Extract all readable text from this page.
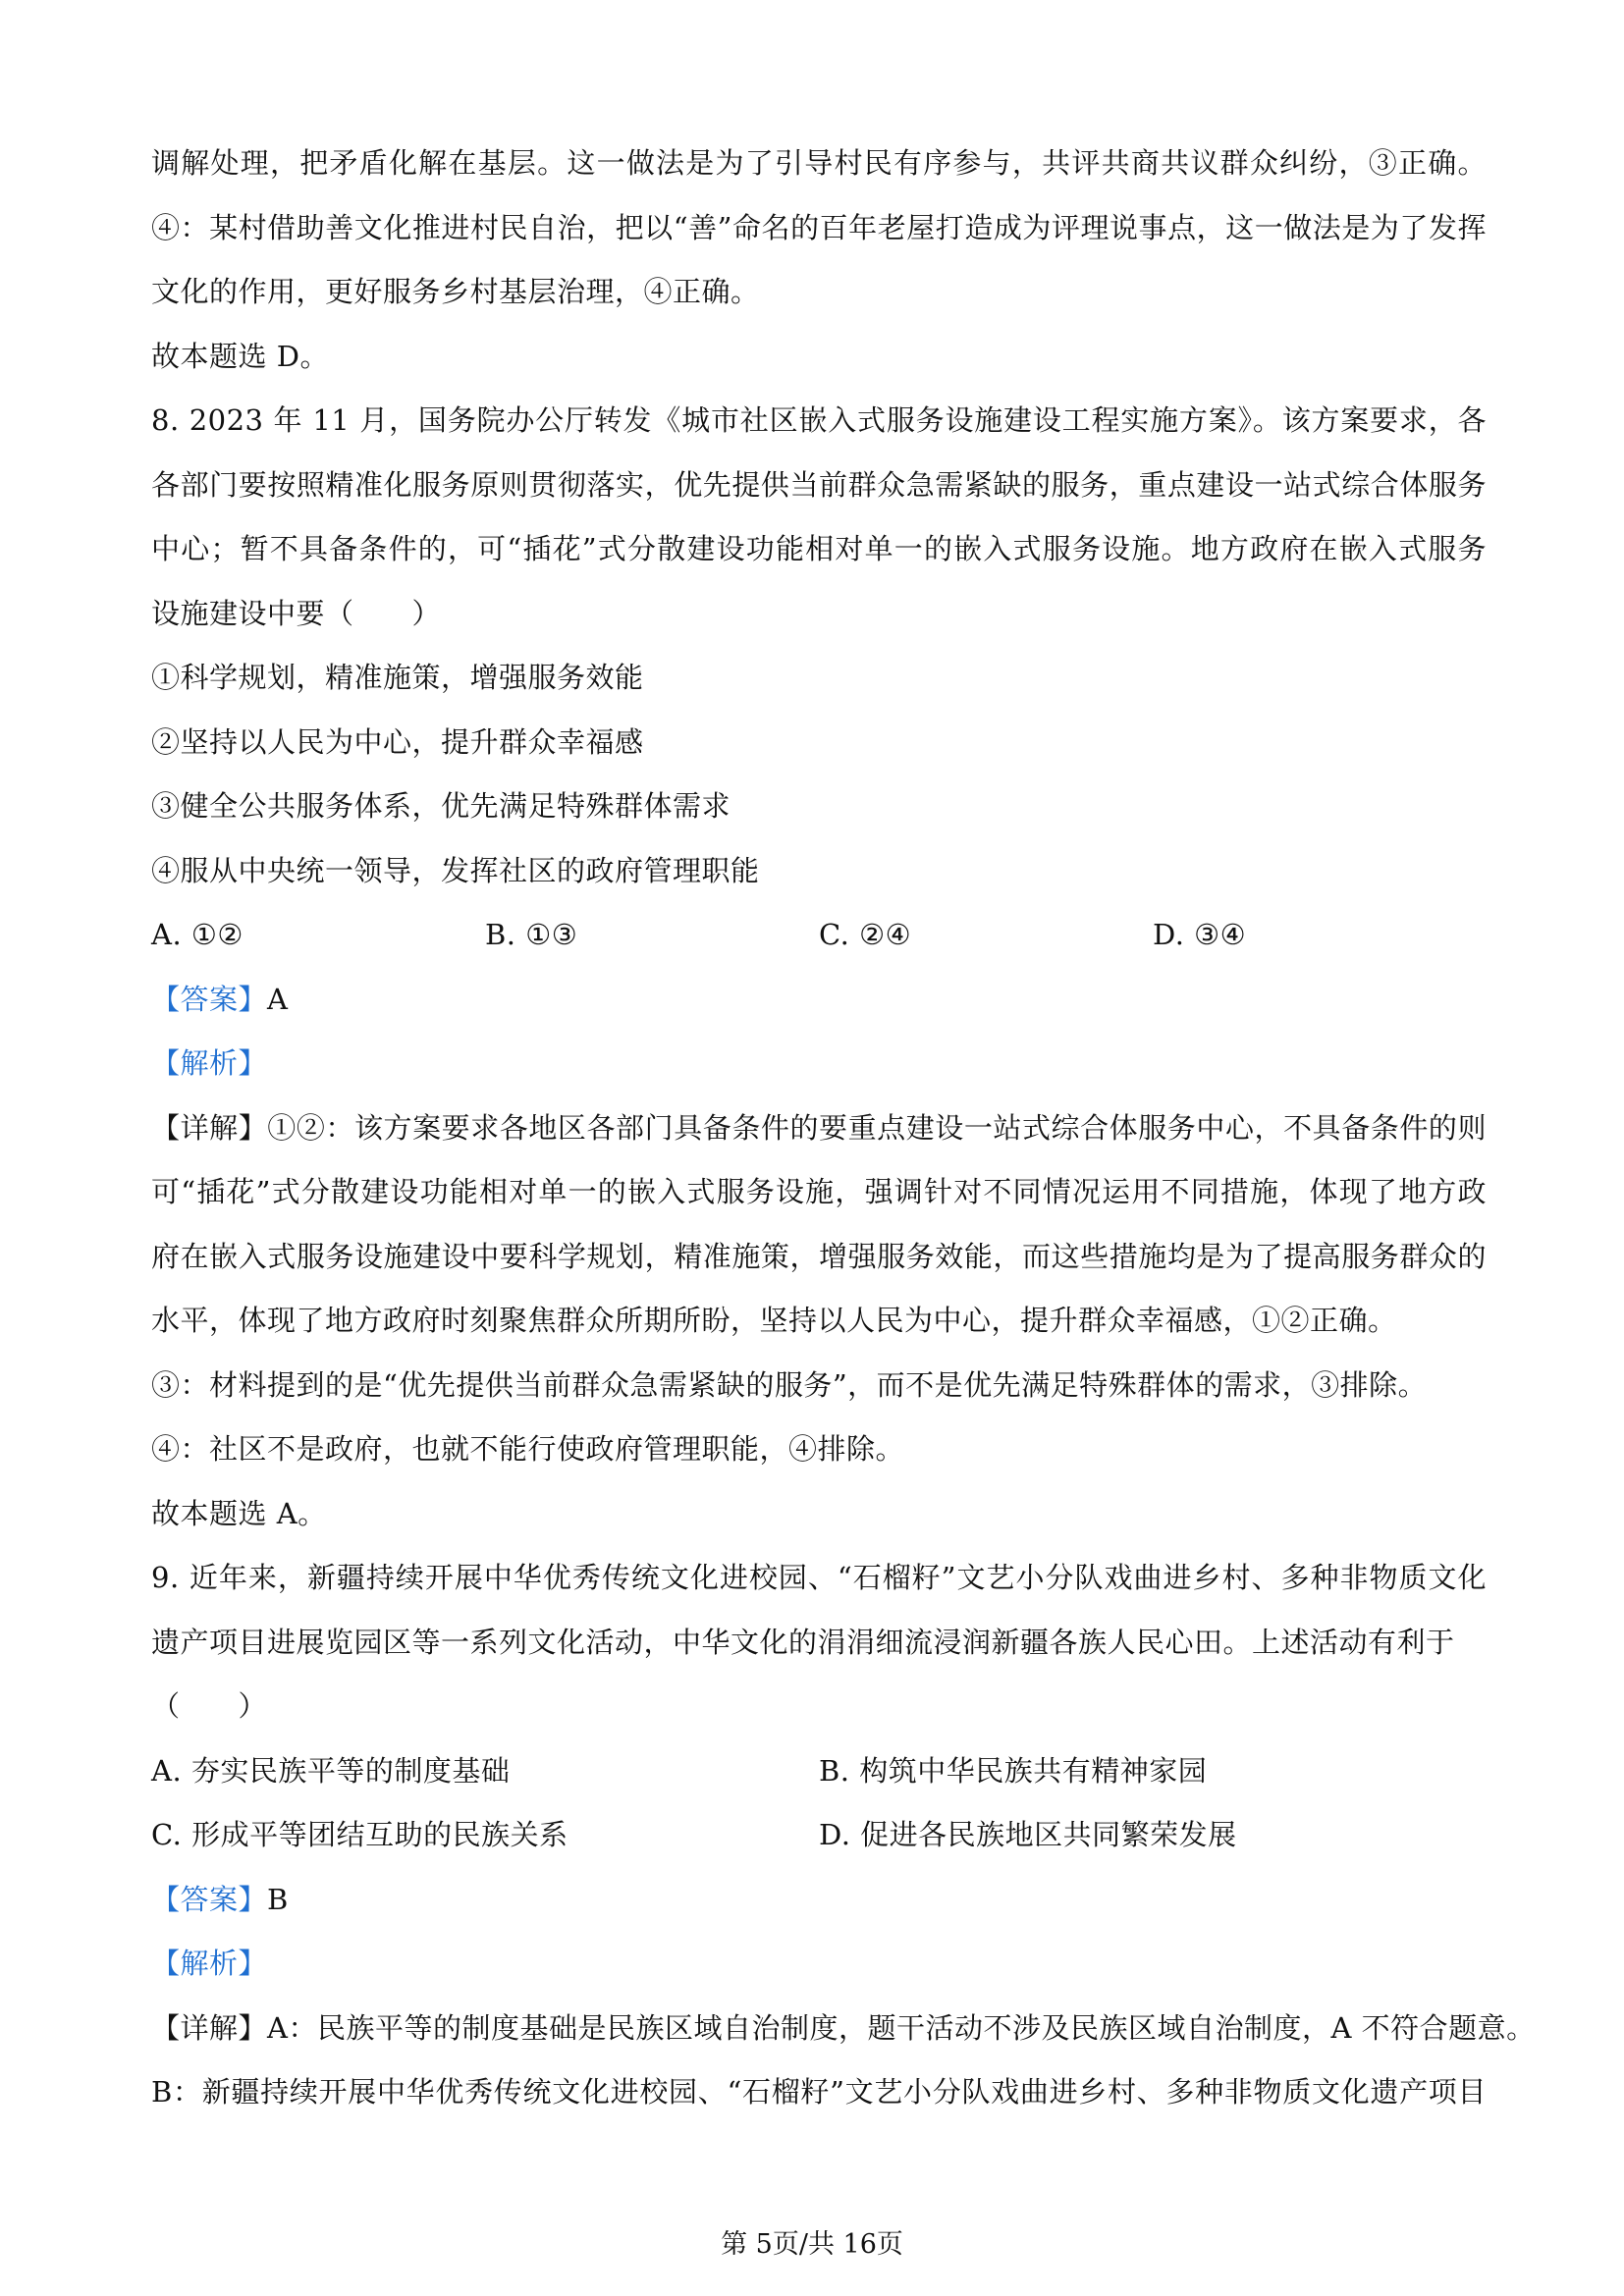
调解处理，把矛盾化解在基层。这一做法是为了引导村民有序参与，共评共商共议群众纠纷，③正确。
④：某村借助善文化推进村民自治，把以“善”命名的百年老屋打造成为评理说事点，这一做法是为了发挥
文化的作用，更好服务乡村基层治理，④正确。
故本题选 D。
8. 2023 年 11 月，国务院办公厅转发《城市社区嵌入式服务设施建设工程实施方案》。该方案要求，各
各部门要按照精准化服务原则贯彻落实，优先提供当前群众急需紧缺的服务，重点建设一站式综合体服务
中心；暂不具备条件的，可“插花”式分散建设功能相对单一的嵌入式服务设施。地方政府在嵌入式服务
设施建设中要（　　）
①科学规划，精准施策，增强服务效能
②坚持以人民为中心，提升群众幸福感
③健全公共服务体系，优先满足特殊群体需求
④服从中央统一领导，发挥社区的政府管理职能
A. ①②	B. ①③	C. ②④	D. ③④
【答案】A
【解析】
【详解】①②：该方案要求各地区各部门具备条件的要重点建设一站式综合体服务中心，不具备条件的则
可“插花”式分散建设功能相对单一的嵌入式服务设施，强调针对不同情况运用不同措施，体现了地方政
府在嵌入式服务设施建设中要科学规划，精准施策，增强服务效能，而这些措施均是为了提高服务群众的
水平，体现了地方政府时刻聚焦群众所期所盼，坚持以人民为中心，提升群众幸福感，①②正确。
③：材料提到的是“优先提供当前群众急需紧缺的服务”，而不是优先满足特殊群体的需求，③排除。
④：社区不是政府，也就不能行使政府管理职能，④排除。
故本题选 A。
9. 近年来，新疆持续开展中华优秀传统文化进校园、“石榴籽”文艺小分队戏曲进乡村、多种非物质文化
遗产项目进展览园区等一系列文化活动，中华文化的涓涓细流浸润新疆各族人民心田。上述活动有利于
（　　）
A. 夯实民族平等的制度基础	B. 构筑中华民族共有精神家园
C. 形成平等团结互助的民族关系	D. 促进各民族地区共同繁荣发展
【答案】B
【解析】
【详解】A：民族平等的制度基础是民族区域自治制度，题干活动不涉及民族区域自治制度，A 不符合题意。
B：新疆持续开展中华优秀传统文化进校园、“石榴籽”文艺小分队戏曲进乡村、多种非物质文化遗产项目
第 5页/共 16页
